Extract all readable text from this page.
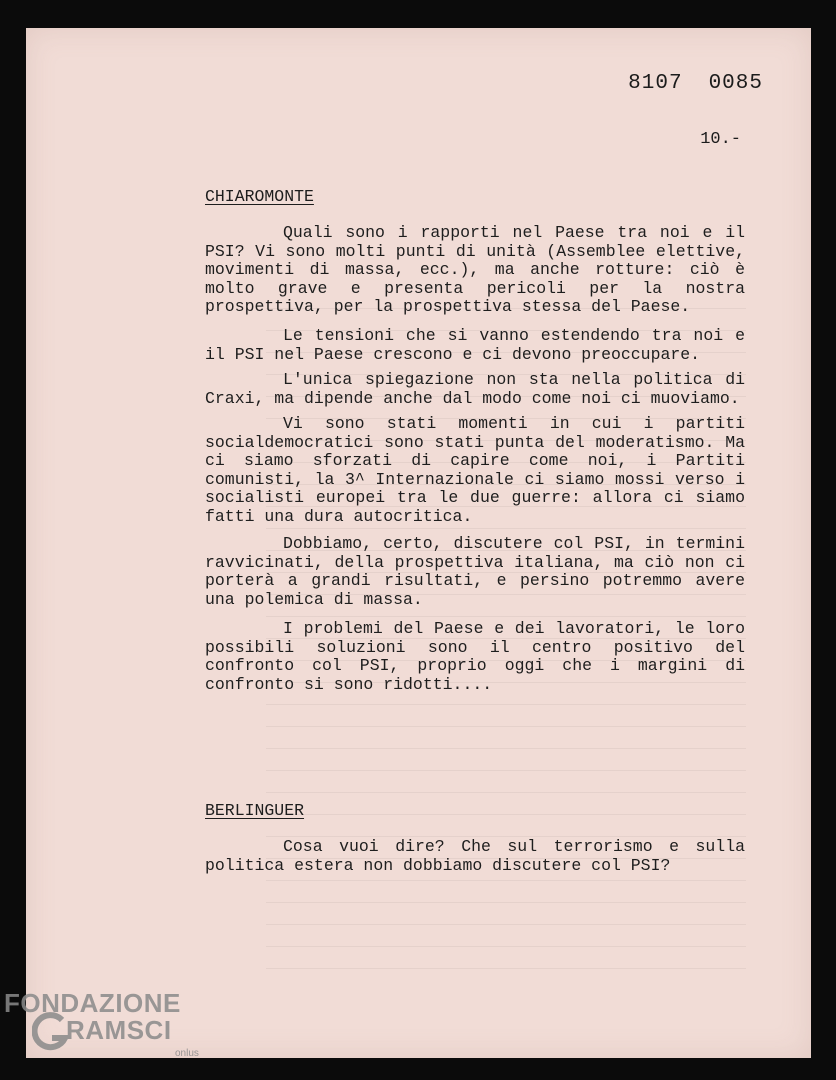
8107 0085
10.-
CHIAROMONTE
Quali sono i rapporti nel Paese tra noi e il PSI? Vi sono molti punti di unità (Assemblee elettive, movimenti di massa, ecc.), ma anche rotture: ciò è molto grave e presenta pericoli per la nostra prospettiva, per la prospettiva stessa del Paese.
Le tensioni che si vanno estendendo tra noi e il PSI nel Paese crescono e ci devono preoccupare.
L'unica spiegazione non sta nella politica di Craxi, ma dipende anche dal modo come noi ci muoviamo.
Vi sono stati momenti in cui i partiti socialdemocratici sono stati punta del moderatismo. Ma ci siamo sforzati di capire come noi, i Partiti comunisti, la 3^ Internazionale ci siamo mossi verso i socialisti europei tra le due guerre: allora ci siamo fatti una dura autocritica.
Dobbiamo, certo, discutere col PSI, in termini ravvicinati, della prospettiva italiana, ma ciò non ci porterà a grandi risultati, e persino potremmo avere una polemica di massa.
I problemi del Paese e dei lavoratori, le loro possibili soluzioni sono il centro positivo del confronto col PSI, proprio oggi che i margini di confronto si sono ridotti....
BERLINGUER
Cosa vuoi dire? Che sul terrorismo e sulla politica estera non dobbiamo discutere col PSI?
FONDAZIONE
RAMSCI
onlus
